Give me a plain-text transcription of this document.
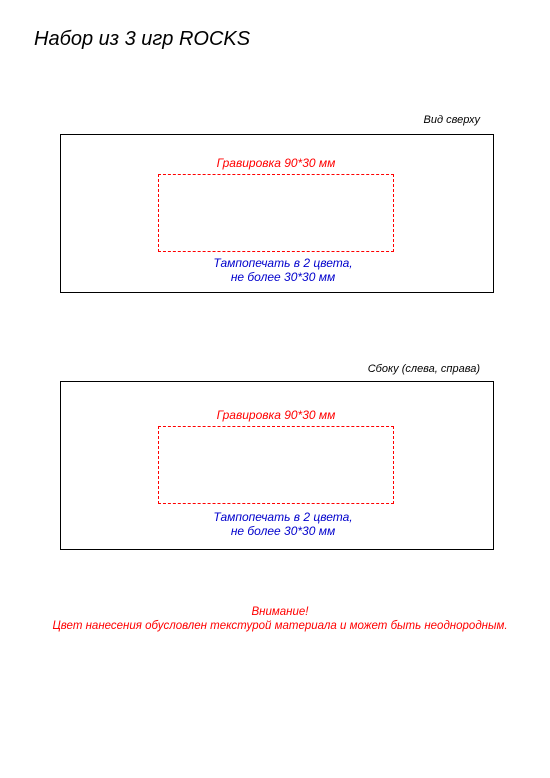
Набор из 3 игр ROCKS
Вид сверху
Гравировка 90*30 мм
Тампопечать в 2 цвета,
не более 30*30 мм
Сбоку (слева, справа)
Гравировка 90*30 мм
Тампопечать в 2 цвета,
не более 30*30 мм
Внимание!
Цвет нанесения обусловлен текстурой материала и может быть неоднородным.
